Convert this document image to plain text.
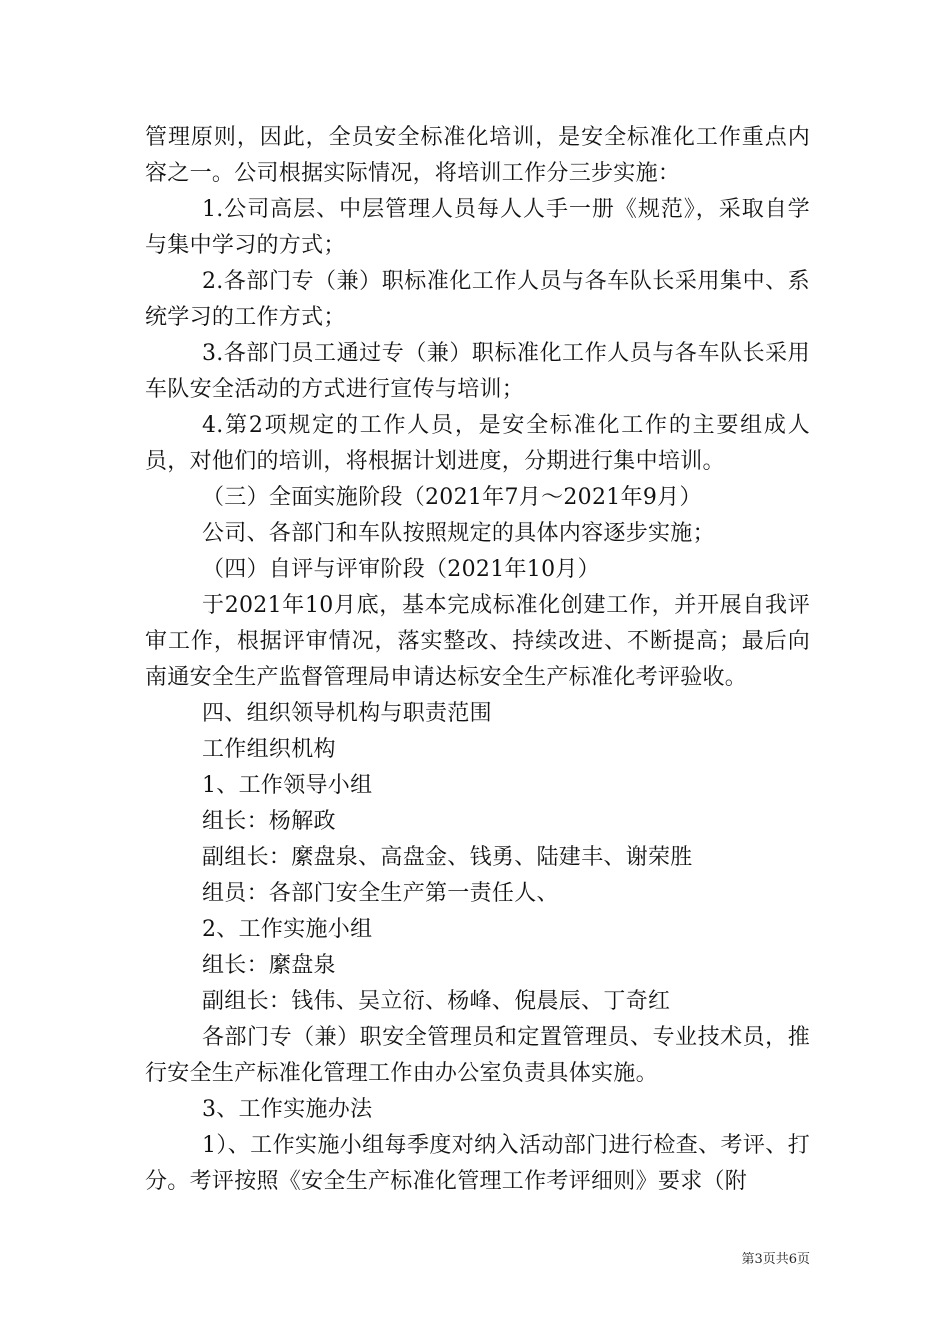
管理原则，因此，全员安全标准化培训，是安全标准化工作重点内容之一。公司根据实际情况，将培训工作分三步实施：

1.公司高层、中层管理人员每人人手一册《规范》，采取自学与集中学习的方式；

2.各部门专（兼）职标准化工作人员与各车队长采用集中、系统学习的工作方式；

3.各部门员工通过专（兼）职标准化工作人员与各车队长采用车队安全活动的方式进行宣传与培训；

4.第2项规定的工作人员，是安全标准化工作的主要组成人员，对他们的培训，将根据计划进度，分期进行集中培训。

（三）全面实施阶段（2021年7月～2021年9月）

公司、各部门和车队按照规定的具体内容逐步实施；

（四）自评与评审阶段（2021年10月）

于2021年10月底，基本完成标准化创建工作，并开展自我评审工作，根据评审情况，落实整改、持续改进、不断提高；最后向南通安全生产监督管理局申请达标安全生产标准化考评验收。

四、组织领导机构与职责范围

工作组织机构

1、工作领导小组

组长：杨解政

副组长：縻盘泉、高盘金、钱勇、陆建丰、谢荣胜

组员：各部门安全生产第一责任人、

2、工作实施小组

组长：縻盘泉

副组长：钱伟、吴立衍、杨峰、倪晨辰、丁奇红

各部门专（兼）职安全管理员和定置管理员、专业技术员，推行安全生产标准化管理工作由办公室负责具体实施。

3、工作实施办法

1）、工作实施小组每季度对纳入活动部门进行检查、考评、打分。考评按照《安全生产标准化管理工作考评细则》要求（附

第3页共6页
